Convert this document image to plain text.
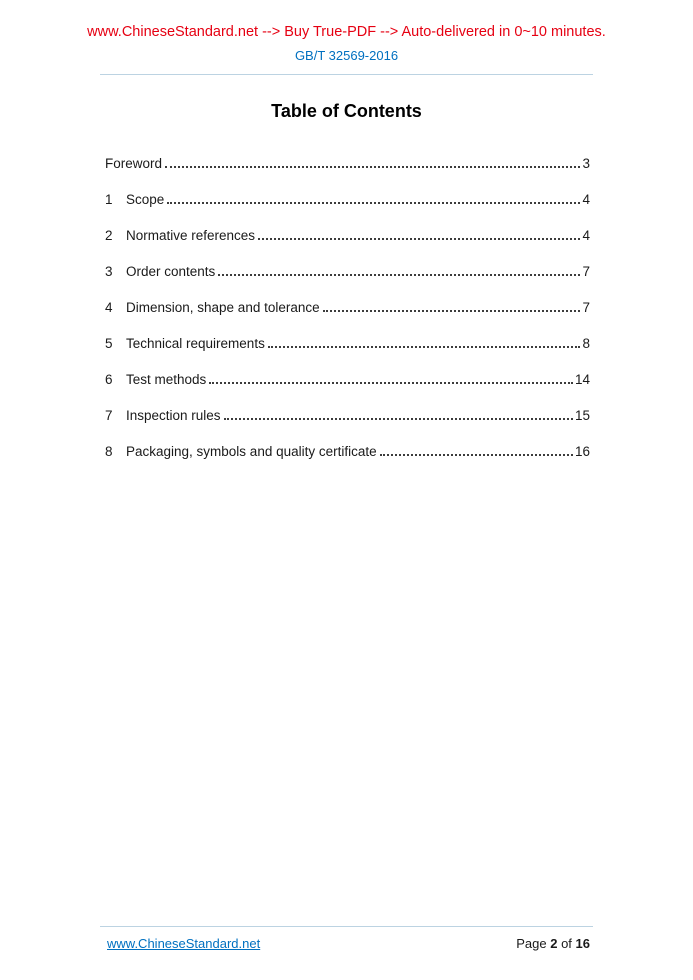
www.ChineseStandard.net --> Buy True-PDF --> Auto-delivered in 0~10 minutes.
GB/T 32569-2016
Table of Contents
Foreword	3
1 Scope	4
2 Normative references	4
3 Order contents	7
4 Dimension, shape and tolerance	7
5 Technical requirements	8
6 Test methods	14
7 Inspection rules	15
8 Packaging, symbols and quality certificate	16
www.ChineseStandard.net	Page 2 of 16
